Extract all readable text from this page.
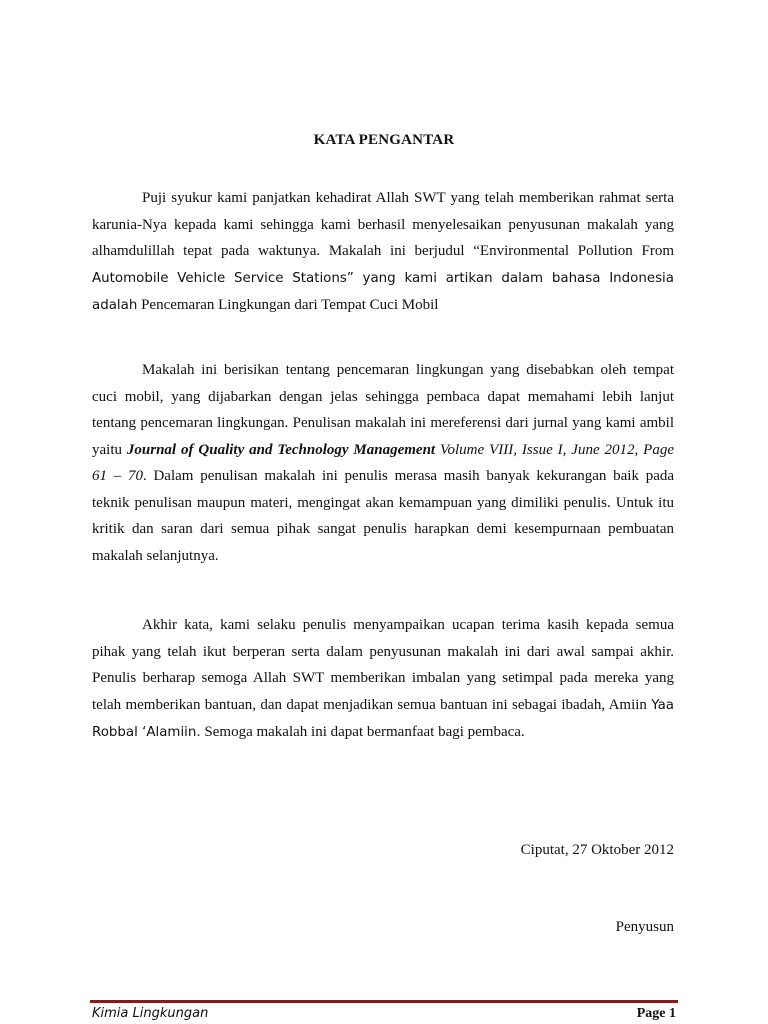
KATA PENGANTAR

Puji syukur kami panjatkan kehadirat Allah SWT yang telah memberikan rahmat serta karunia-Nya kepada kami sehingga kami berhasil menyelesaikan penyusunan makalah yang alhamdulillah tepat pada waktunya. Makalah ini berjudul “Environmental Pollution From Automobile Vehicle Service Stations” yang kami artikan dalam bahasa Indonesia adalah Pencemaran Lingkungan dari Tempat Cuci Mobil

Makalah ini berisikan tentang pencemaran lingkungan yang disebabkan oleh tempat cuci mobil, yang dijabarkan dengan jelas sehingga pembaca dapat memahami lebih lanjut tentang pencemaran lingkungan. Penulisan makalah ini mereferensi dari jurnal yang kami ambil yaitu Journal of Quality and Technology Management Volume VIII, Issue I, June 2012, Page 61 – 70. Dalam penulisan makalah ini penulis merasa masih banyak kekurangan baik pada teknik penulisan maupun materi, mengingat akan kemampuan yang dimiliki penulis. Untuk itu kritik dan saran dari semua pihak sangat penulis harapkan demi kesempurnaan pembuatan makalah selanjutnya.

Akhir kata, kami selaku penulis menyampaikan ucapan terima kasih kepada semua pihak yang telah ikut berperan serta dalam penyusunan makalah ini dari awal sampai akhir. Penulis berharap semoga Allah SWT memberikan imbalan yang setimpal pada mereka yang telah memberikan bantuan, dan dapat menjadikan semua bantuan ini sebagai ibadah, Amiin Yaa Robbal ‘Alamiin. Semoga makalah ini dapat bermanfaat bagi pembaca.

Ciputat, 27 Oktober 2012
Penyusun
Kimia Lingkungan	Page 1
